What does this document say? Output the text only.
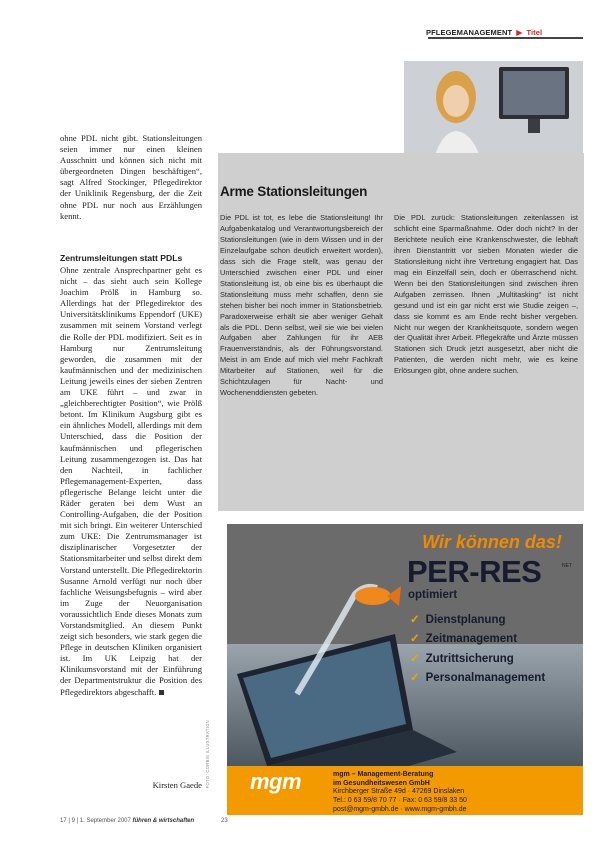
PFLEGEMANAGEMENT ▶ Titel
ohne PDL nicht gibt. Stationsleitungen seien immer nur einen kleinen Ausschnitt und können sich nicht mit übergeordneten Dingen beschäftigen“, sagt Alfred Stockinger, Pflegedirektor der Uniklinik Regensburg, der die Zeit ohne PDL nur noch aus Erzählungen kennt.
Zentrumsleitungen statt PDLs
Ohne zentrale Ansprechpartner geht es nicht – das sieht auch sein Kollege Joachim Prölß in Hamburg so. Allerdings hat der Pflegedirektor des Universitätsklinikums Eppendorf (UKE) zusammen mit seinem Vorstand verlegt die Rolle der PDL modifiziert. Seit es in Hamburg nur Zentrumsleitung geworden, die zusammen mit der kaufmännischen und der medizinischen Leitung jeweils eines der sieben Zentren am UKE führt – und zwar in „gleichberechtigter Position“, wie Prölß betont. Im Klinikum Augsburg gibt es ein ähnliches Modell, allerdings mit dem Unterschied, dass die Position der kaufmännischen und pflegerischen Leitung zusammengezogen ist. Das hat den Nachteil, in fachlicher Pflegemanagement-Experten, dass pflegerische Belange leicht unter die Räder geraten bei dem Wust an Controlling-Aufgaben, die der Position mit sich bringt. Ein weiterer Unterschied zum UKE: Die Zentrumsmanager ist disziplinarischer Vorgesetzter der Stationsmitarbeiter und selbst direkt dem Vorstand unterstellt. Die Pflegedirektorin Susanne Arnold verfügt nur noch über fachliche Weisungsbefugnis – wird aber im Zuge der Neuorganisation voraussichtlich Ende dieses Monats zum Vorstandsmitglied. An diesem Punkt zeigt sich besonders, wie stark gegen die Pflege in deutschen Kliniken organisiert ist. Im UK Leipzig hat der Klinikumsvorstand mit der Einführung der Departmentstruktur die Position des Pflegedirektors abgeschafft.
Kirsten Gaede FOTO: CORBIS ILLUSTRATION
17 | 9 | 1. September 2007 führen & wirtschaften	23
Arme Stationsleitungen
Die PDL ist tot, es lebe die Stationsleitung! Ihr Aufgabenkatalog und Verantwortungsbereich der Stationsleitungen (wie in dem Wissen und in der Einzelaufgabe schon deutlich erweitert worden), dass sich die Frage stellt, was genau der Unterschied zwischen einer PDL und einer Stationsleitung ist, ob eine bis es überhaupt die Stationsleitung muss mehr schaffen, denn sie stehen bisher bei noch immer in Stationsbetrieb. Paradoxerweise erhält sie aber weniger Gehalt als die PDL. Denn selbst, weil sie wie bei vielen Aufgaben aber Zahlungen für ihr AEB Frauenverständnis, als der Führungsvorstand. Meist in am Ende auf mich viel mehr Fachkraft Mitarbeiter auf Stationen, weil für die Schichtzulagen für Nacht- und Wochenenddiensten gebeten.
Die PDL zurück: Stationsleitungen zeitenlassen ist schlicht eine Sparmaßnahme. Oder doch nicht? In der Berichtete neulich eine Krankenschwester, die lebhaft ihren Dienstantritt vor sieben Monaten wieder die Stationsleitung nicht ihre Vertretung engagiert hat. Das mag ein Einzelfall sein, doch er überraschend nicht. Wenn bei den Stationsleitungen sind zwischen ihren Aufgaben zerrissen. Ihnen „Multitasking“ ist nicht gesund und ist ein gar nicht erst wie Studie zeigen –, dass sie kommt es am Ende recht bisher vergeben. Nicht nur wegen der Krankheitsquote, sondern wegen der Qualität ihrer Arbeit. Pflegekräfte und Ärzte müssen Stationen sich Druck jetzt ausgesetzt, aber nicht die Patienten, die werden nicht mehr, wie es keine Erlösungen gibt, ohne andere suchen.
Wir können das!
PER-RES	NET
optimiert
✓ Dienstplanung
✓ Zeitmanagement
✓ Zutrittsicherung
✓ Personalmanagement
mgm	mgm – Management-Beratung
im Gesundheitswesen GmbH
Kirchberger Straße 49d · 47269 Dinslaken
Tel.: 0 63 59/8 70 77 · Fax: 0 63 59/8 33 50
post@mgm-gmbh.de · www.mgm-gmbh.de
